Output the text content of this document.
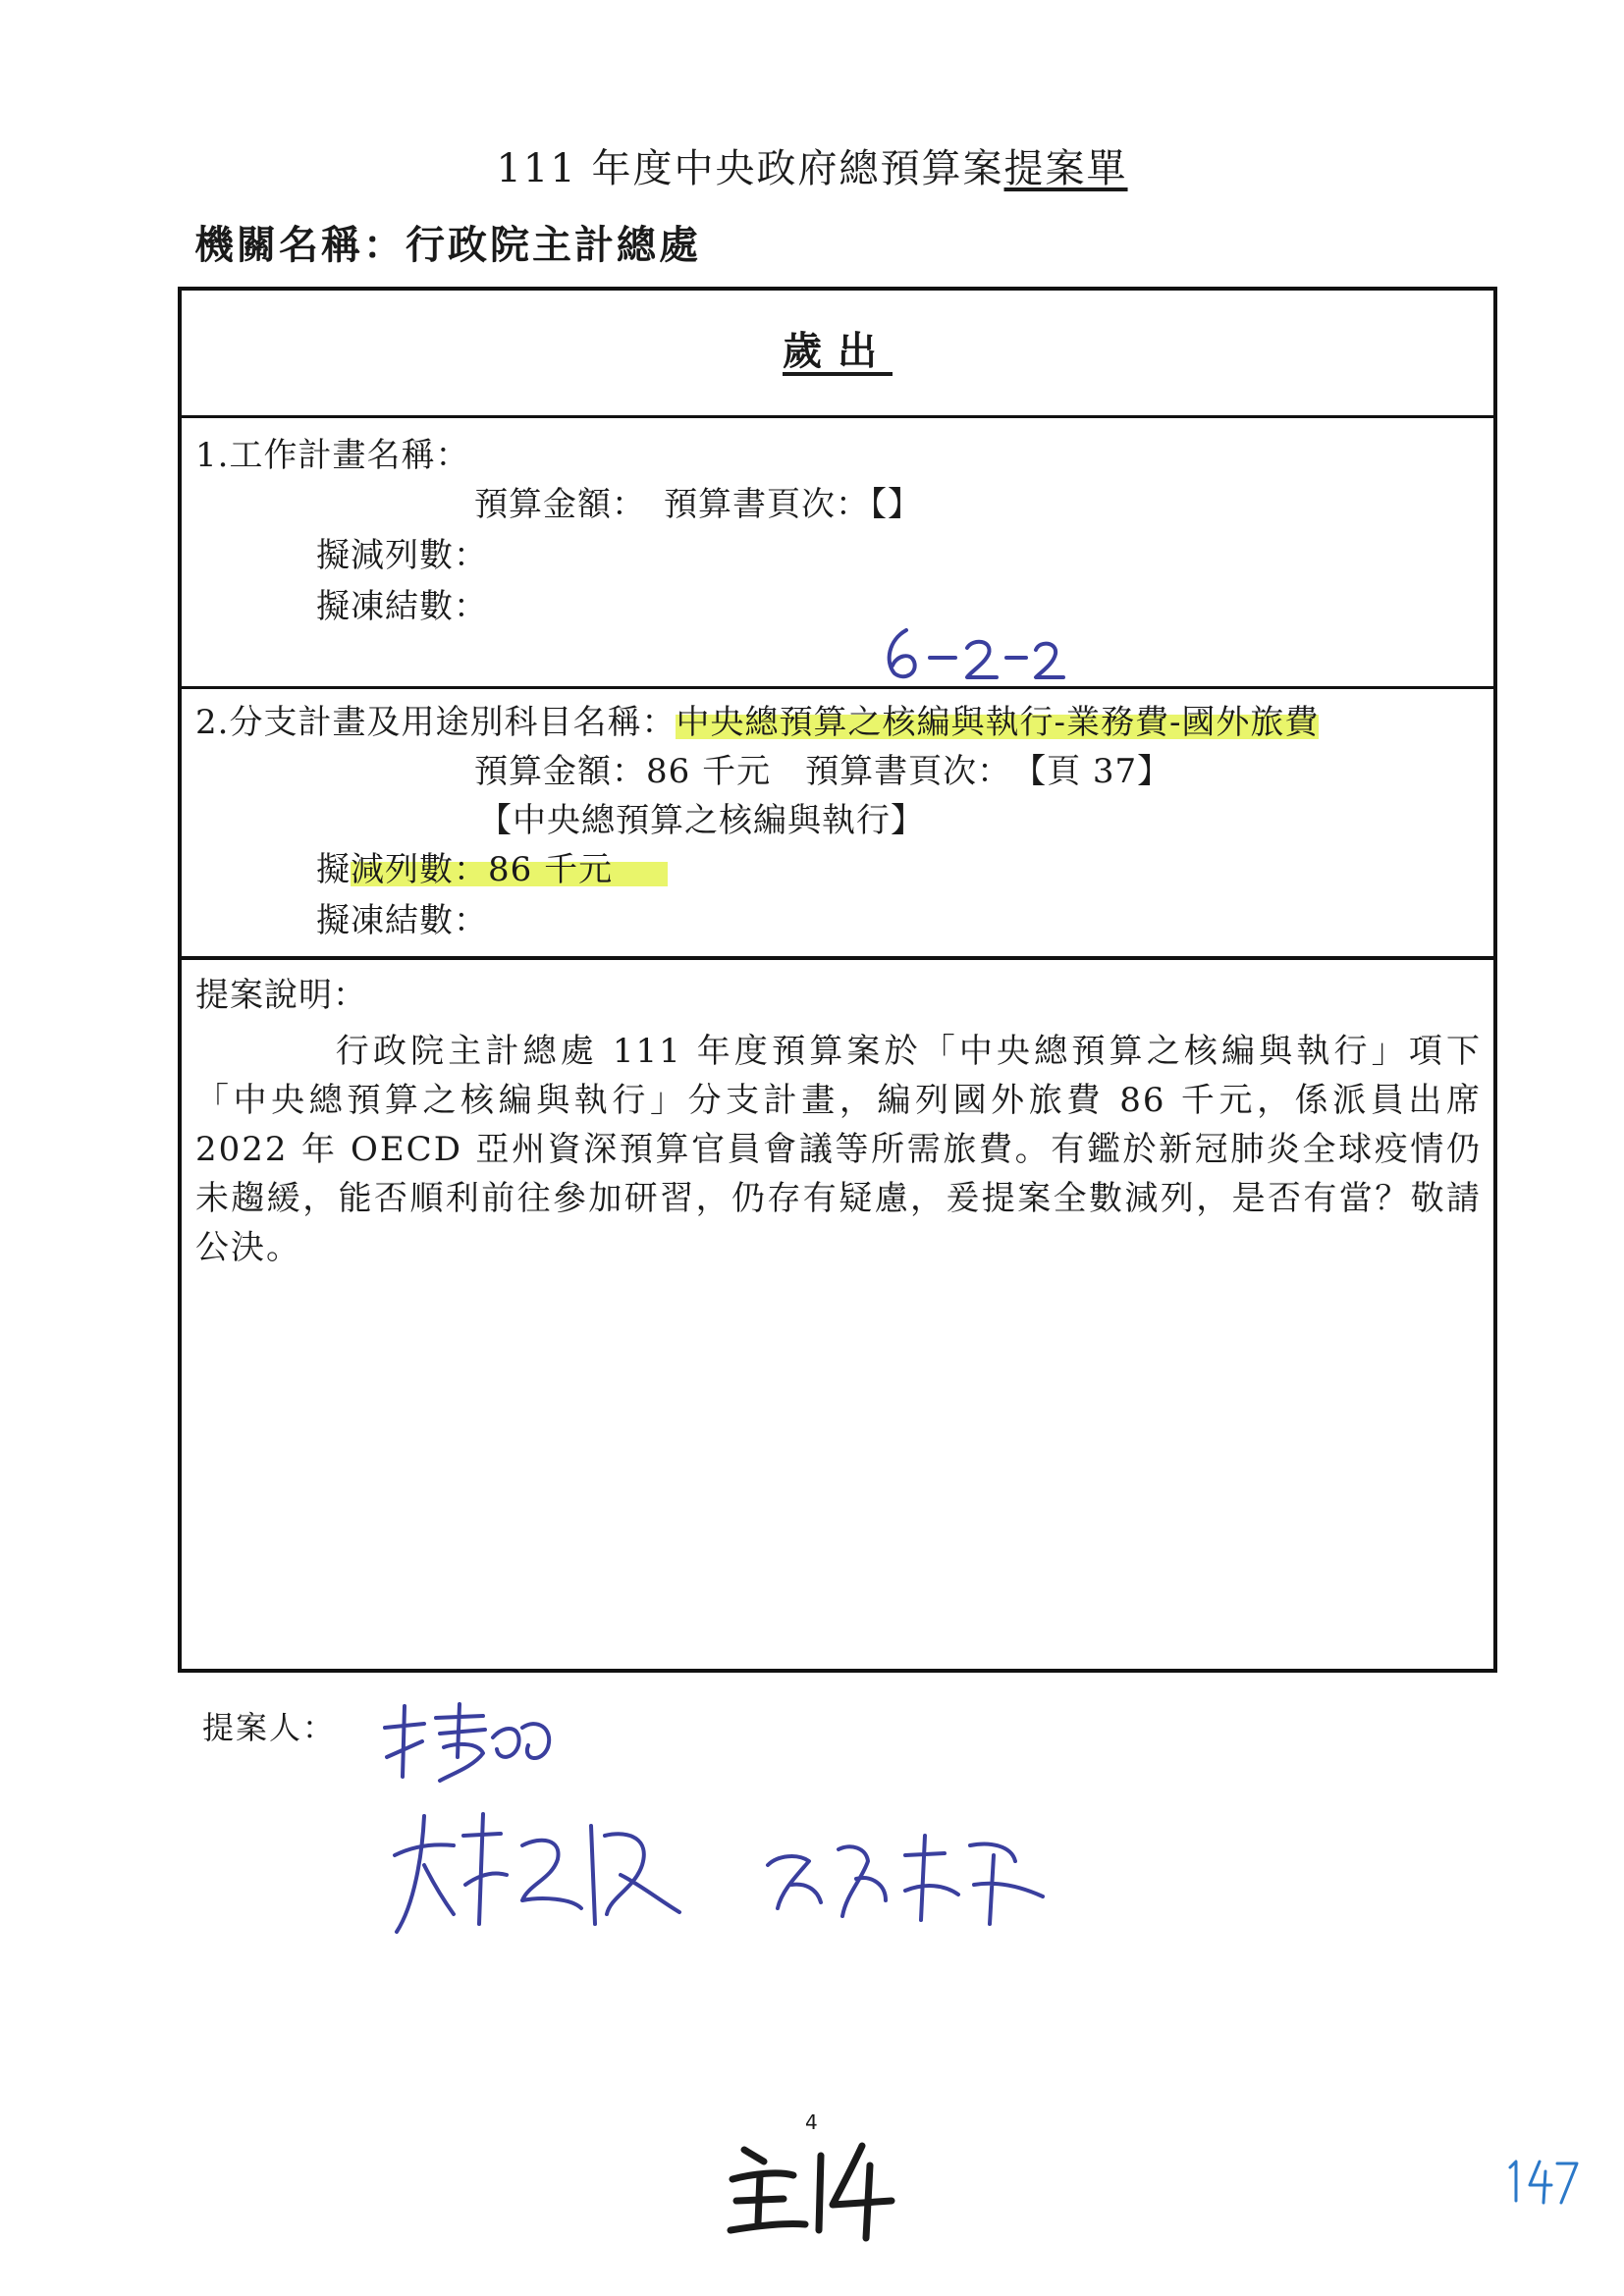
111 年度中央政府總預算案提案單
機關名稱：行政院主計總處
歲出
1.工作計畫名稱：
預算金額：　預算書頁次：【】
擬減列數：
擬凍結數：
2.分支計畫及用途別科目名稱：中央總預算之核編與執行-業務費-國外旅費
預算金額：86 千元　預算書頁次：　【頁 37】
【中央總預算之核編與執行】
擬減列數：86 千元
擬凍結數：
提案說明：

行政院主計總處 111 年度預算案於「中央總預算之核編與執行」項下「中央總預算之核編與執行」分支計畫，編列國外旅費 86 千元，係派員出席 2022 年 OECD 亞州資深預算官員會議等所需旅費。有鑑於新冠肺炎全球疫情仍未趨緩，能否順利前往參加研習，仍存有疑慮，爰提案全數減列，是否有當？敬請公決。

提案人：
4
